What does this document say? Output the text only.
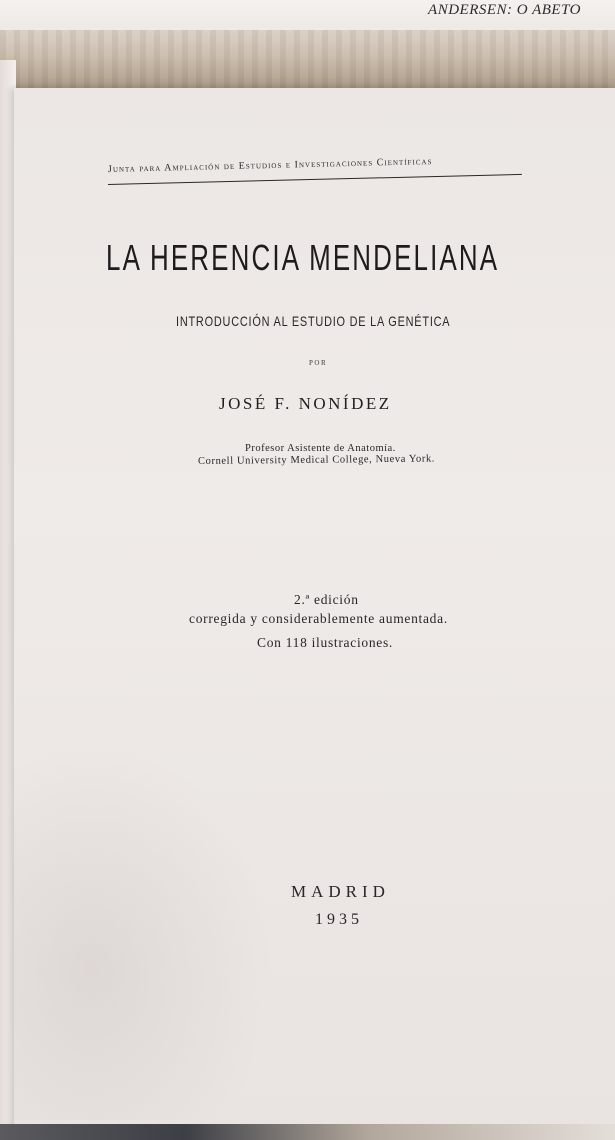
ANDERSEN: O ABETO
Junta para Ampliación de Estudios e Investigaciones Científicas
LA HERENCIA MENDELIANA
INTRODUCCIÓN AL ESTUDIO DE LA GENÉTICA
POR
JOSÉ F. NONÍDEZ
Profesor Asistente de Anatomía.
Cornell University Medical College, Nueva York.
2.ª edición
corregida y considerablemente aumentada.
Con 118 ilustraciones.
MADRID
1935
